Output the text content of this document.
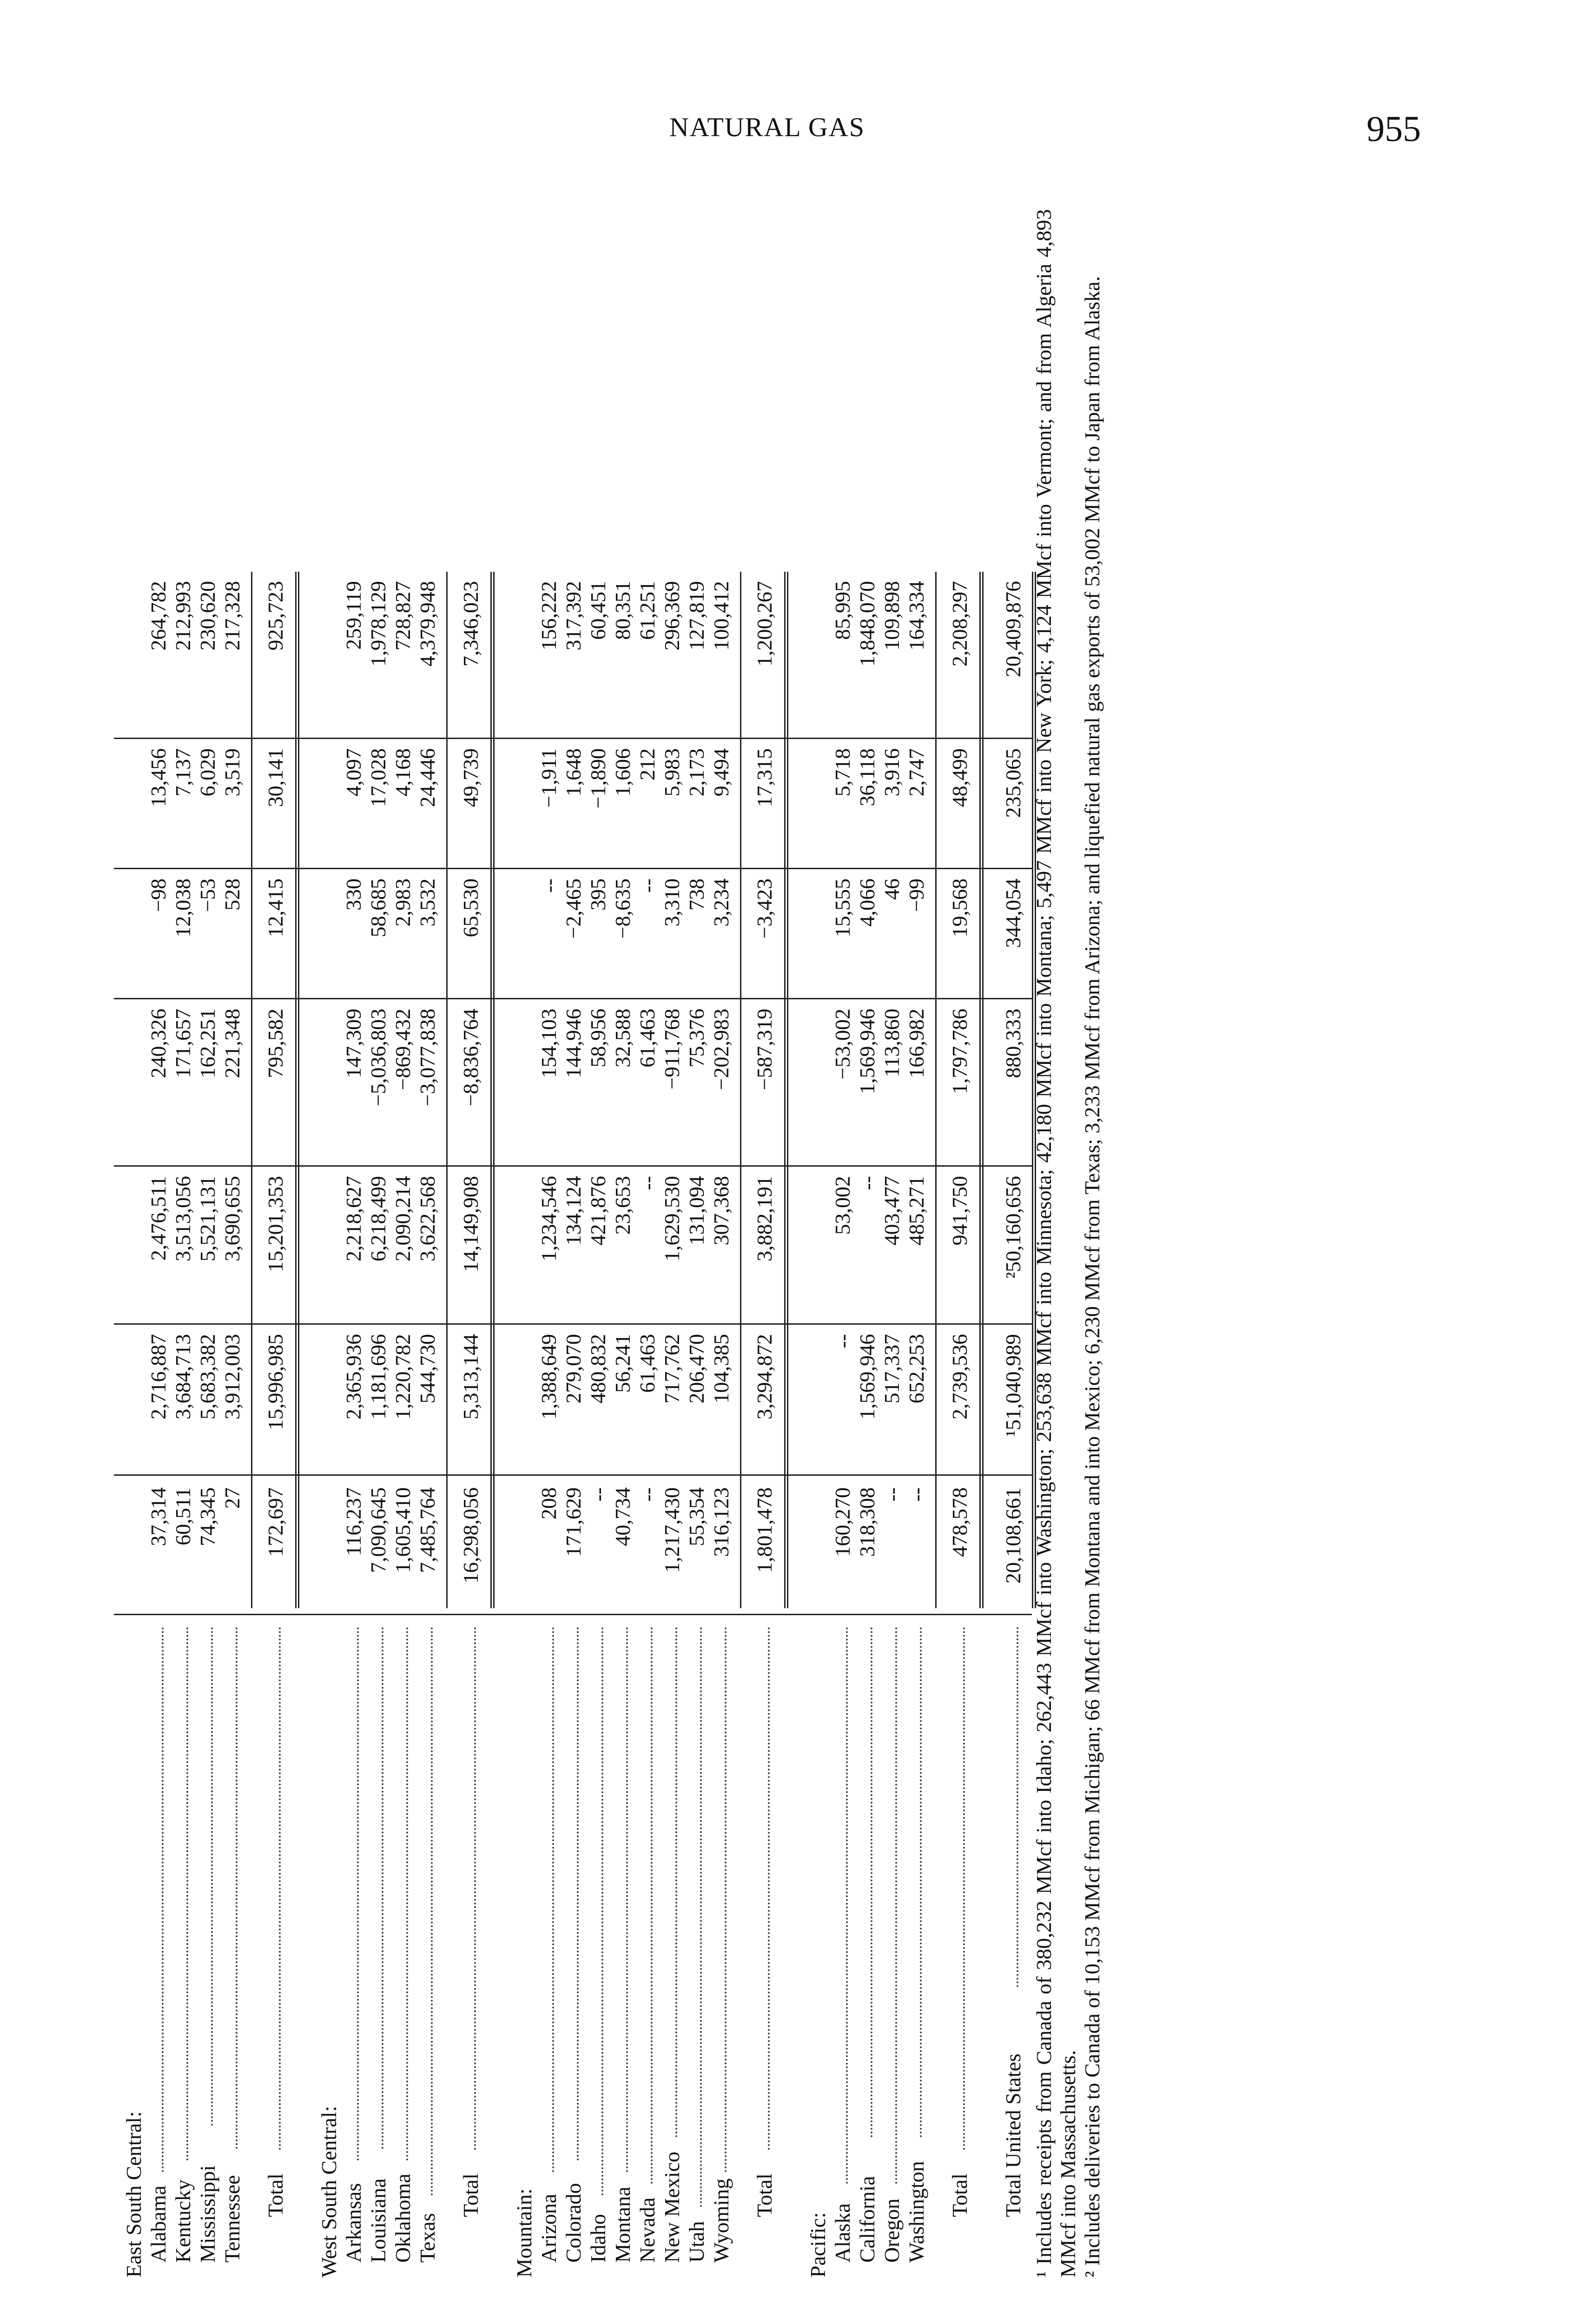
NATURAL GAS	955
East South Central: Alabama
37,314
2,716,887
2,476,511
240,326
−98
13,456
264,782
Kentucky
60,511
3,684,713
3,513,056
171,657
12,038
7,137
212,993
Mississippi
74,345
5,683,382
5,521,131
162,251
−53
6,029
230,620
Tennessee
27
3,912,003
3,690,655
221,348
528
3,519
217,328
Total
172,697
15,996,985
15,201,353
795,582
12,415
30,141
925,723
West South Central: Arkansas
116,237
2,365,936
2,218,627
147,309
330
4,097
259,119
Louisiana
7,090,645
1,181,696
6,218,499
−5,036,803
58,685
17,028
1,978,129
Oklahoma
1,605,410
1,220,782
2,090,214
−869,432
2,983
4,168
728,827
Texas
7,485,764
544,730
3,622,568
−3,077,838
3,532
24,446
4,379,948
Total
16,298,056
5,313,144
14,149,908
−8,836,764
65,530
49,739
7,346,023
Mountain: Arizona
208
1,388,649
1,234,546
154,103
--
−1,911
156,222
Colorado
171,629
279,070
134,124
144,946
−2,465
1,648
317,392
Idaho
--
480,832
421,876
58,956
395
−1,890
60,451
Montana
40,734
56,241
23,653
32,588
−8,635
1,606
80,351
Nevada
--
61,463
--
61,463
--
212
61,251
New Mexico
1,217,430
717,762
1,629,530
−911,768
3,310
5,983
296,369
Utah
55,354
206,470
131,094
75,376
738
2,173
127,819
Wyoming
316,123
104,385
307,368
−202,983
3,234
9,494
100,412
Total
1,801,478
3,294,872
3,882,191
−587,319
−3,423
17,315
1,200,267
Pacific: Alaska
160,270
--
53,002
−53,002
15,555
5,718
85,995
California
318,308
1,569,946
--
1,569,946
4,066
36,118
1,848,070
Oregon
--
517,337
403,477
113,860
46
3,916
109,898
Washington
--
652,253
485,271
166,982
−99
2,747
164,334
Total
478,578
2,739,536
941,750
1,797,786
19,568
48,499
2,208,297
Total United States
20,108,661
¹51,040,989
²50,160,656
880,333
344,054
235,065
20,409,876 ¹ Includes receipts from Canada of 380,232 MMcf into Idaho; 262,443 MMcf into Washington; 253,638 MMcf into Minnesota; 42,180 MMcf into Montana; 5,497 MMcf into New York; 4,124 MMcf into Vermont; and from Algeria 4,893 MMcf into Massachusetts. ² Includes deliveries to Canada of 10,153 MMcf from Michigan; 66 MMcf from Montana and into Mexico; 6,230 MMcf from Texas; 3,233 MMcf from Arizona; and liquefied natural gas exports of 53,002 MMcf to Japan from Alaska.
